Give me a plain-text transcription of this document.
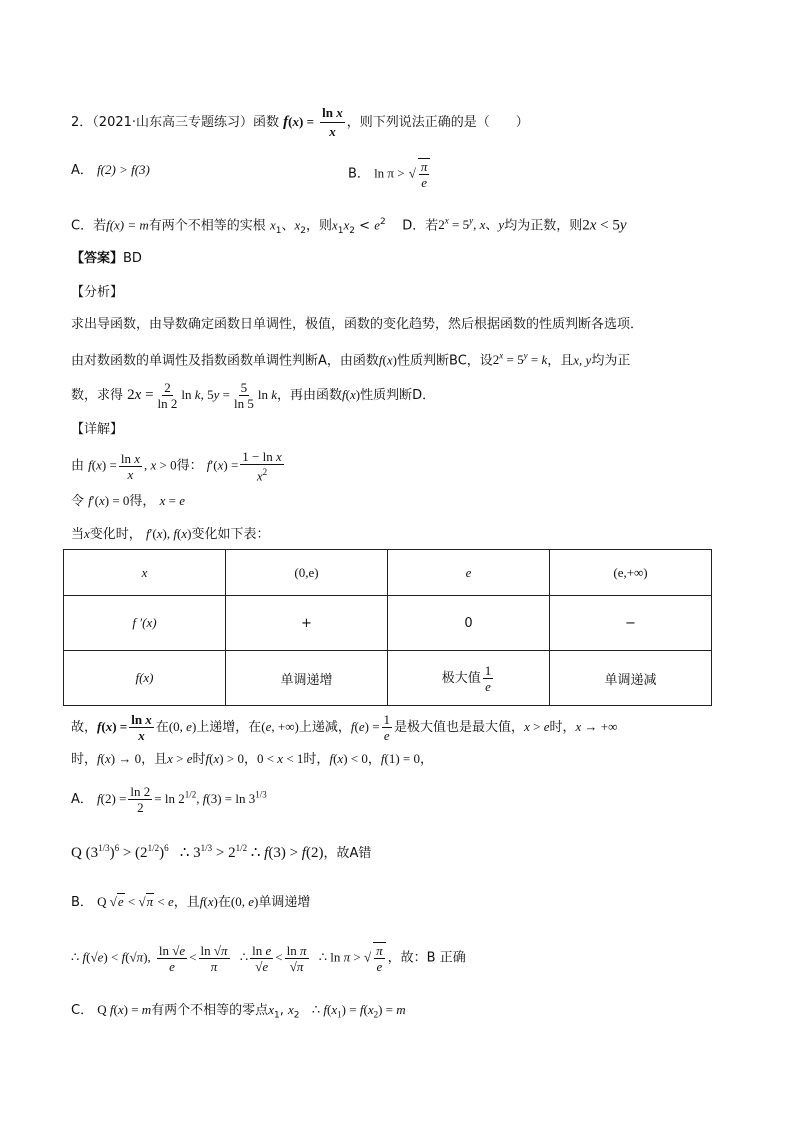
2．（2021·山东高三专题练习）函数 $f(x) = \frac{\text{ln x}}{x}$ ，则下列说法正确的是（　　）
A． f(2) > f(3)	B． ln π > √ $\frac{\pi}{e}$
C．若f(x) = m有两个不相等的实根 $x_1$、$x_2$，则$x_1x_2 < e^2$ D．若$2^x = 5^y$, x、y均为正数，则2x < 5y
【答案】BD
【分析】
求出导函数，由导数确定函数日单调性，极值，函数的变化趋势，然后根据函数的性质判断各选项．
由对数函数的单调性及指数函数单调性判断A，由函数f(x)性质判断BC，设$2^x = 5^y = k$，且x, y均为正
数，求得 $2x = \frac{2}{\ln 2}$ ln k, $5y = \frac{5}{\ln 5}$ ln k，再由函数f(x)性质判断D．
【详解】
由 $f(x) = \frac{\text{ln x}}{x}$ , x > 0得： $f'(x) = \frac{\text{1 − ln x}}{x^2}$
令 f′(x) = 0得， x = e
当x变化时， f′(x), f(x)变化如下表：
x	(0,e)	e	(e,+∞)
f ′(x)	+	0	−
f(x)	单调递增	极大值 $\frac{1}{e}$	单调递减
故，$f(x) = \frac{\text{ln x}}{x}$ 在(0, e)上递增，在(e, +∞)上递减，$f(e) = \frac{1}{e}$ 是极大值也是最大值，x > e时，x → +∞
时，f(x) → 0，且x > e时f(x) > 0，0 < x < 1时，f(x) < 0，f(1) = 0，
A． $f(2) = \frac{\ln 2}{2} = \ln 2^{1/2}$, $f(3) = \ln 3^{1/3}$
Q $(3^{1/3})^6 > (2^{1/2})^6$   ∴ $3^{1/3} > 2^{1/2}$ ∴ f(3) > f(2)，故A错
B． Q √e < √π < e，且f(x)在(0, e)单调递增
∴ f(√e) < f(√π), $\frac{\ln √e}{e} < \frac{\ln √\pi}{\pi}$ ∴ $\frac{\text{ln e}}{√e} < \frac{\text{ln π}}{√\pi}$ ∴ ln π > √ $\frac{\pi}{e}$ ，故：B 正确
C． Q f(x) = m有两个不相等的零点$x_1$, $x_2$ ∴ $f(x_1) = f(x_2) = m$
